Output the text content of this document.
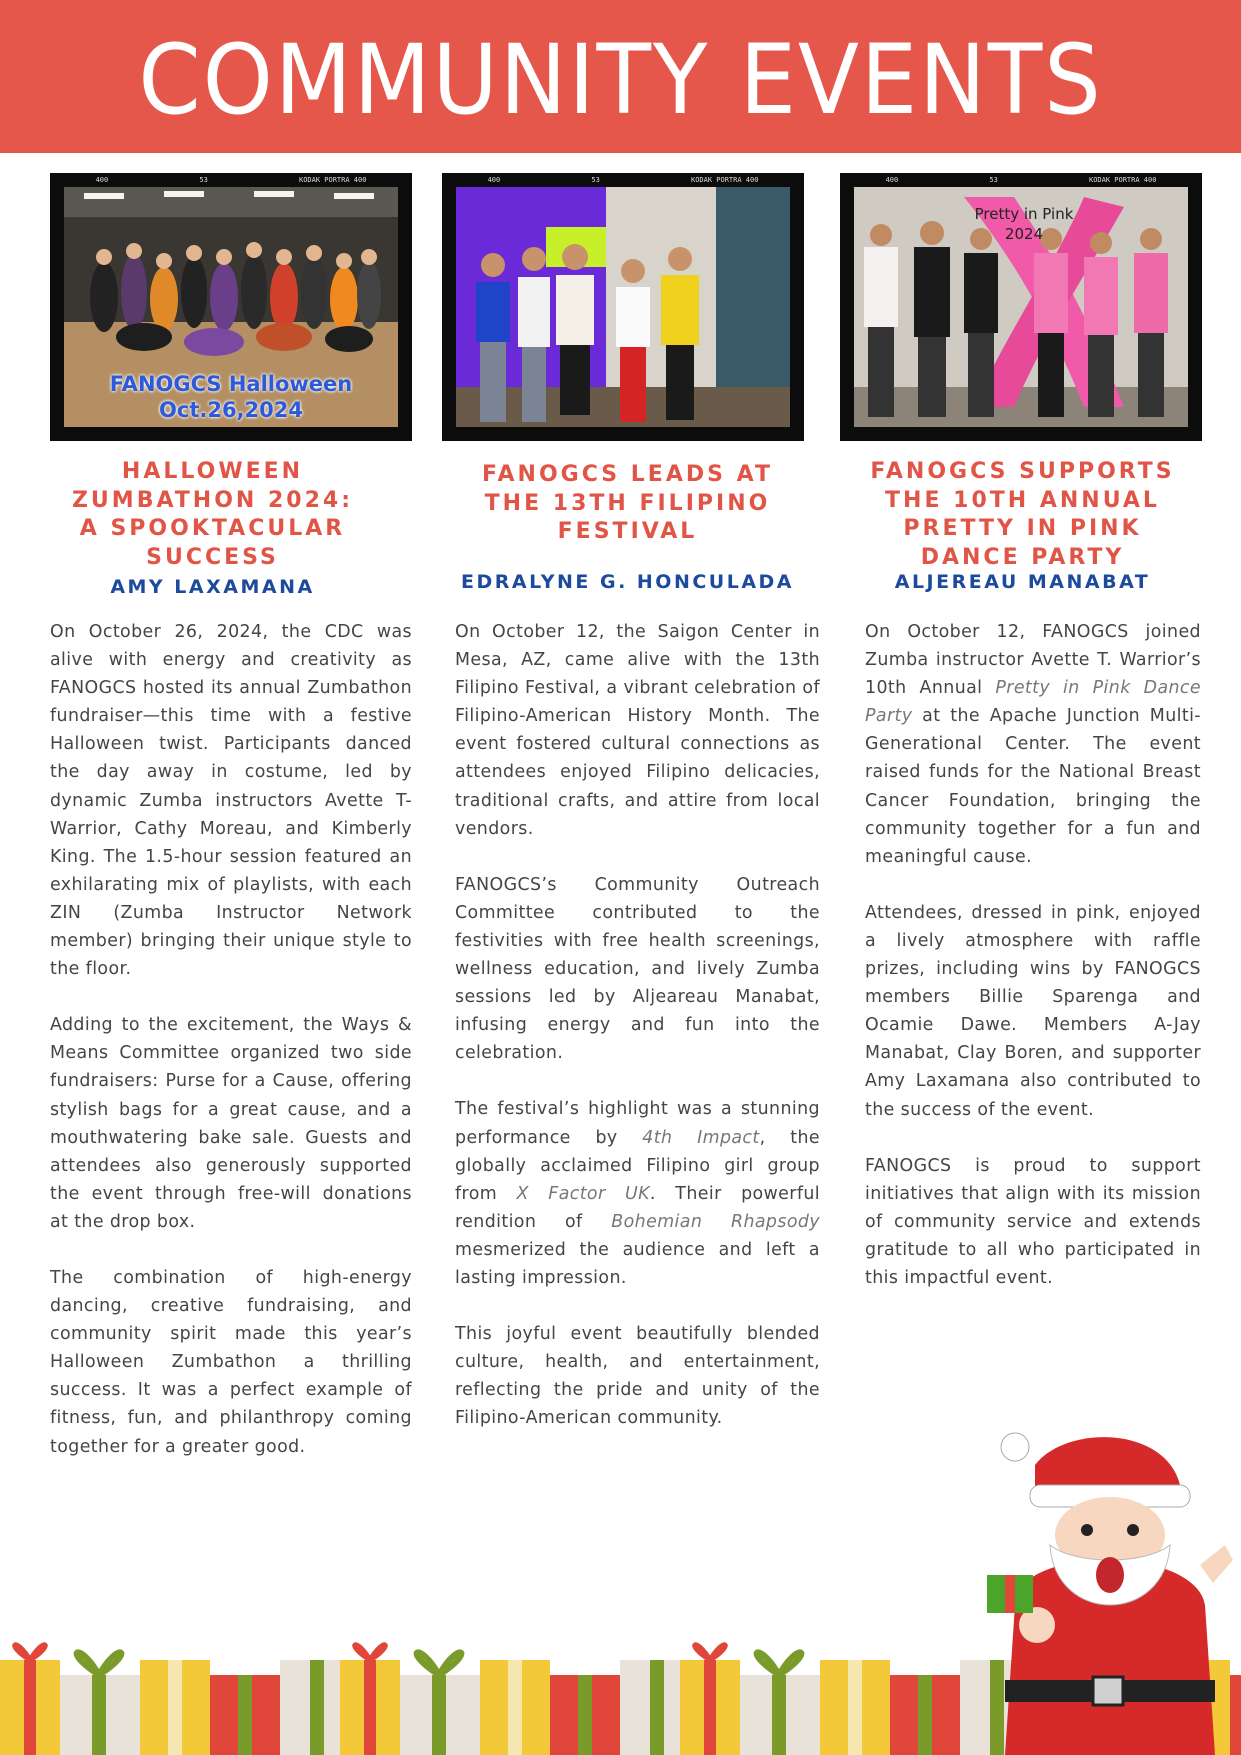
COMMUNITY EVENTS
400	53	KODAK PORTRA 400
FANOGCS Halloween
Oct.26,2024
400	53	KODAK PORTRA 400	400	53	KODAK PORTRA 400
Pretty in Pink
2024
HALLOWEEN
ZUMBATHON 2024:
A SPOOKTACULAR
SUCCESS
AMY LAXAMANA
FANOGCS LEADS AT
THE 13TH FILIPINO
FESTIVAL
EDRALYNE G. HONCULADA
FANOGCS SUPPORTS
THE 10TH ANNUAL
PRETTY IN PINK
DANCE PARTY
ALJEREAU MANABAT

On October 26, 2024, the CDC was alive with energy and creativity as FANOGCS hosted its annual Zumbathon fundraiser—this time with a festive Halloween twist. Participants danced the day away in costume, led by dynamic Zumba instructors Avette T-Warrior, Cathy Moreau, and Kimberly King. The 1.5-hour session featured an exhilarating mix of playlists, with each ZIN (Zumba Instructor Network member) bringing their unique style to the floor.

Adding to the excitement, the Ways & Means Committee organized two side fundraisers: Purse for a Cause, offering stylish bags for a great cause, and a mouthwatering bake sale. Guests and attendees also generously supported the event through free-will donations at the drop box.

The combination of high-energy dancing, creative fundraising, and community spirit made this year’s Halloween Zumbathon a thrilling success. It was a perfect example of fitness, fun, and philanthropy coming together for a greater good.

On October 12, the Saigon Center in Mesa, AZ, came alive with the 13th Filipino Festival, a vibrant celebration of Filipino-American History Month. The event fostered cultural connections as attendees enjoyed Filipino delicacies, traditional crafts, and attire from local vendors.

FANOGCS’s Community Outreach Committee contributed to the festivities with free health screenings, wellness education, and lively Zumba sessions led by Aljeareau Manabat, infusing energy and fun into the celebration.

The festival’s highlight was a stunning performance by 4th Impact, the globally acclaimed Filipino girl group from X Factor UK. Their powerful rendition of Bohemian Rhapsody mesmerized the audience and left a lasting impression.

This joyful event beautifully blended culture, health, and entertainment, reflecting the pride and unity of the Filipino-American community.

On October 12, FANOGCS joined Zumba instructor Avette T. Warrior’s 10th Annual Pretty in Pink Dance Party at the Apache Junction Multi-Generational Center. The event raised funds for the National Breast Cancer Foundation, bringing the community together for a fun and meaningful cause.

Attendees, dressed in pink, enjoyed a lively atmosphere with raffle prizes, including wins by FANOGCS members Billie Sparenga and Ocamie Dawe. Members A-Jay Manabat, Clay Boren, and supporter Amy Laxamana also contributed to the success of the event.

FANOGCS is proud to support initiatives that align with its mission of community service and extends gratitude to all who participated in this impactful event.
